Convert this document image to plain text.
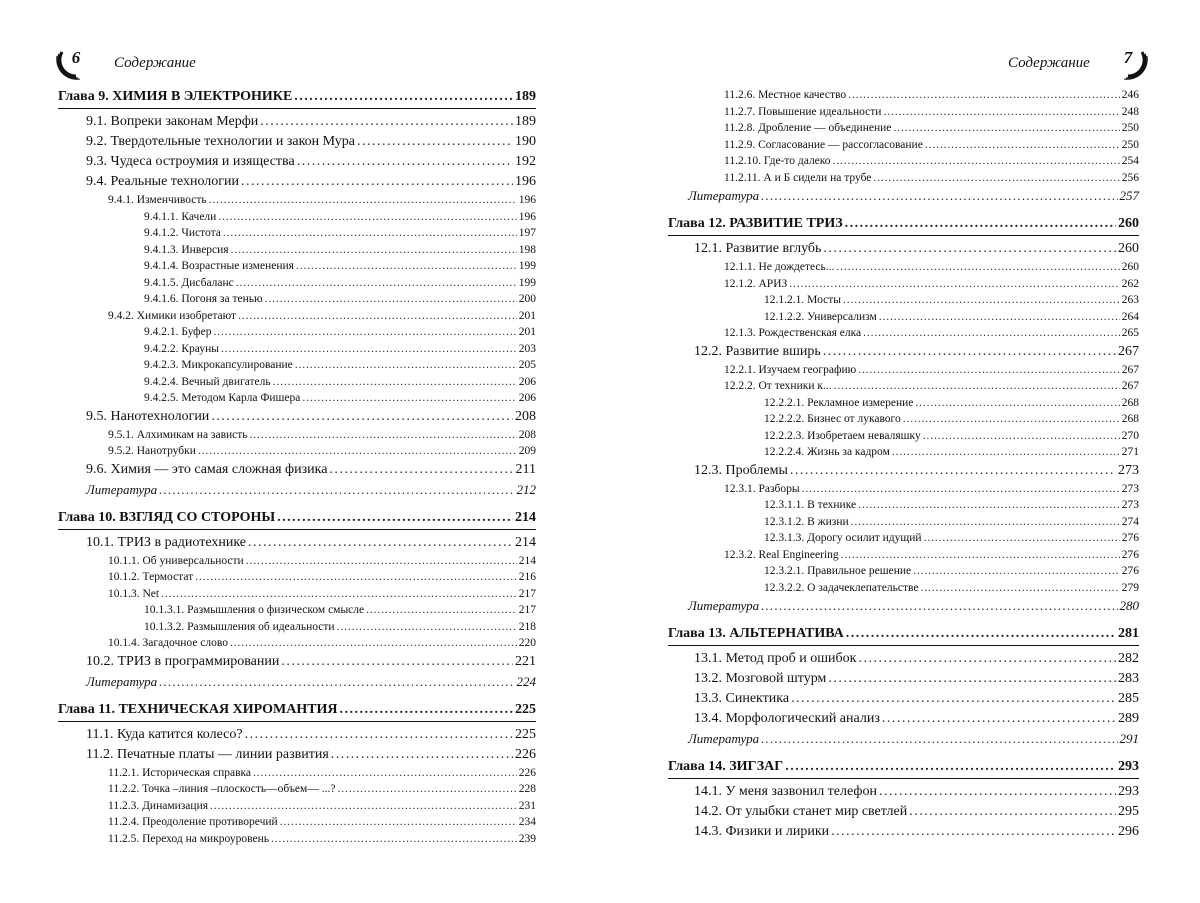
6	Содержание
Глава 9. ХИМИЯ В ЭЛЕКТРОНИКЕ . . .	189
9.1. Вопреки законам Мерфи . . .	189
9.2. Твердотельные технологии и закон Мура . . .	190
9.3. Чудеса остроумия и изящества . . .	192
9.4. Реальные технологии . . .	196
9.4.1. Изменчивость . . .	196
9.4.1.1. Качели . . .	196
9.4.1.2. Чистота . . .	197
9.4.1.3. Инверсия . . .	198
9.4.1.4. Возрастные изменения . . .	199
9.4.1.5. Дисбаланс . . .	199
9.4.1.6. Погоня за тенью . . .	200
9.4.2. Химики изобретают . . .	201
9.4.2.1. Буфер . . .	201
9.4.2.2. Крауны . . .	203
9.4.2.3. Микрокапсулирование . . .	205
9.4.2.4. Вечный двигатель . . .	206
9.4.2.5. Методом Карла Фишера . . .	206
9.5. Нанотехнологии . . .	208
9.5.1. Алхимикам на зависть . . .	208
9.5.2. Нанотрубки . . .	209
9.6. Химия — это самая сложная физика . . .	211
Литература . . .	212
Глава 10. ВЗГЛЯД СО СТОРОНЫ . . .	214
10.1. ТРИЗ в радиотехнике . . .	214
10.1.1. Об универсальности . . .	214
10.1.2. Термостат . . .	216
10.1.3. Net . . .	217
10.1.3.1. Размышления о физическом смысле . . .	217
10.1.3.2. Размышления об идеальности . . .	218
10.1.4. Загадочное слово . . .	220
10.2. ТРИЗ в программировании . . .	221
Литература . . .	224
Глава 11. ТЕХНИЧЕСКАЯ ХИРОМАНТИЯ . . .	225
11.1. Куда катится колесо? . . .	225
11.2. Печатные платы — линии развития . . .	226
11.2.1. Историческая справка . . .	226
11.2.2. Точка –линия –плоскость—объем— ...? . . .	228
11.2.3. Динамизация . . .	231
11.2.4. Преодоление противоречий . . .	234
11.2.5. Переход на микроуровень . . .	239
Содержание	7
11.2.6. Местное качество . . .	246
11.2.7. Повышение идеальности . . .	248
11.2.8. Дробление — объединение . . .	250
11.2.9. Согласование — рассогласование . . .	250
11.2.10. Где-то далеко . . .	254
11.2.11. А и Б сидели на трубе . . .	256
Литература . . .	257
Глава 12. РАЗВИТИЕ ТРИЗ . . .	260
12.1. Развитие вглубь . . .	260
12.1.1. Не дождетесь... . . .	260
12.1.2. АРИЗ . . .	262
12.1.2.1. Мосты . . .	263
12.1.2.2. Универсализм . . .	264
12.1.3. Рождественская елка . . .	265
12.2. Развитие вширь . . .	267
12.2.1. Изучаем географию . . .	267
12.2.2. От техники к... . . .	267
12.2.2.1. Рекламное измерение . . .	268
12.2.2.2. Бизнес от лукавого . . .	268
12.2.2.3. Изобретаем неваляшку . . .	270
12.2.2.4. Жизнь за кадром . . .	271
12.3. Проблемы . . .	273
12.3.1. Разборы . . .	273
12.3.1.1. В технике . . .	273
12.3.1.2. В жизни . . .	274
12.3.1.3. Дорогу осилит идущий . . .	276
12.3.2. Real Engineering . . .	276
12.3.2.1. Правильное решение . . .	276
12.3.2.2. О задачеклепательстве . . .	279
Литература . . .	280
Глава 13. АЛЬТЕРНАТИВА . . .	281
13.1. Метод проб и ошибок . . .	282
13.2. Мозговой штурм . . .	283
13.3. Синектика . . .	285
13.4. Морфологический анализ . . .	289
Литература . . .	291
Глава 14. ЗИГЗАГ . . .	293
14.1. У меня зазвонил телефон . . .	293
14.2. От улыбки станет мир светлей . . .	295
14.3. Физики и лирики . . .	296
